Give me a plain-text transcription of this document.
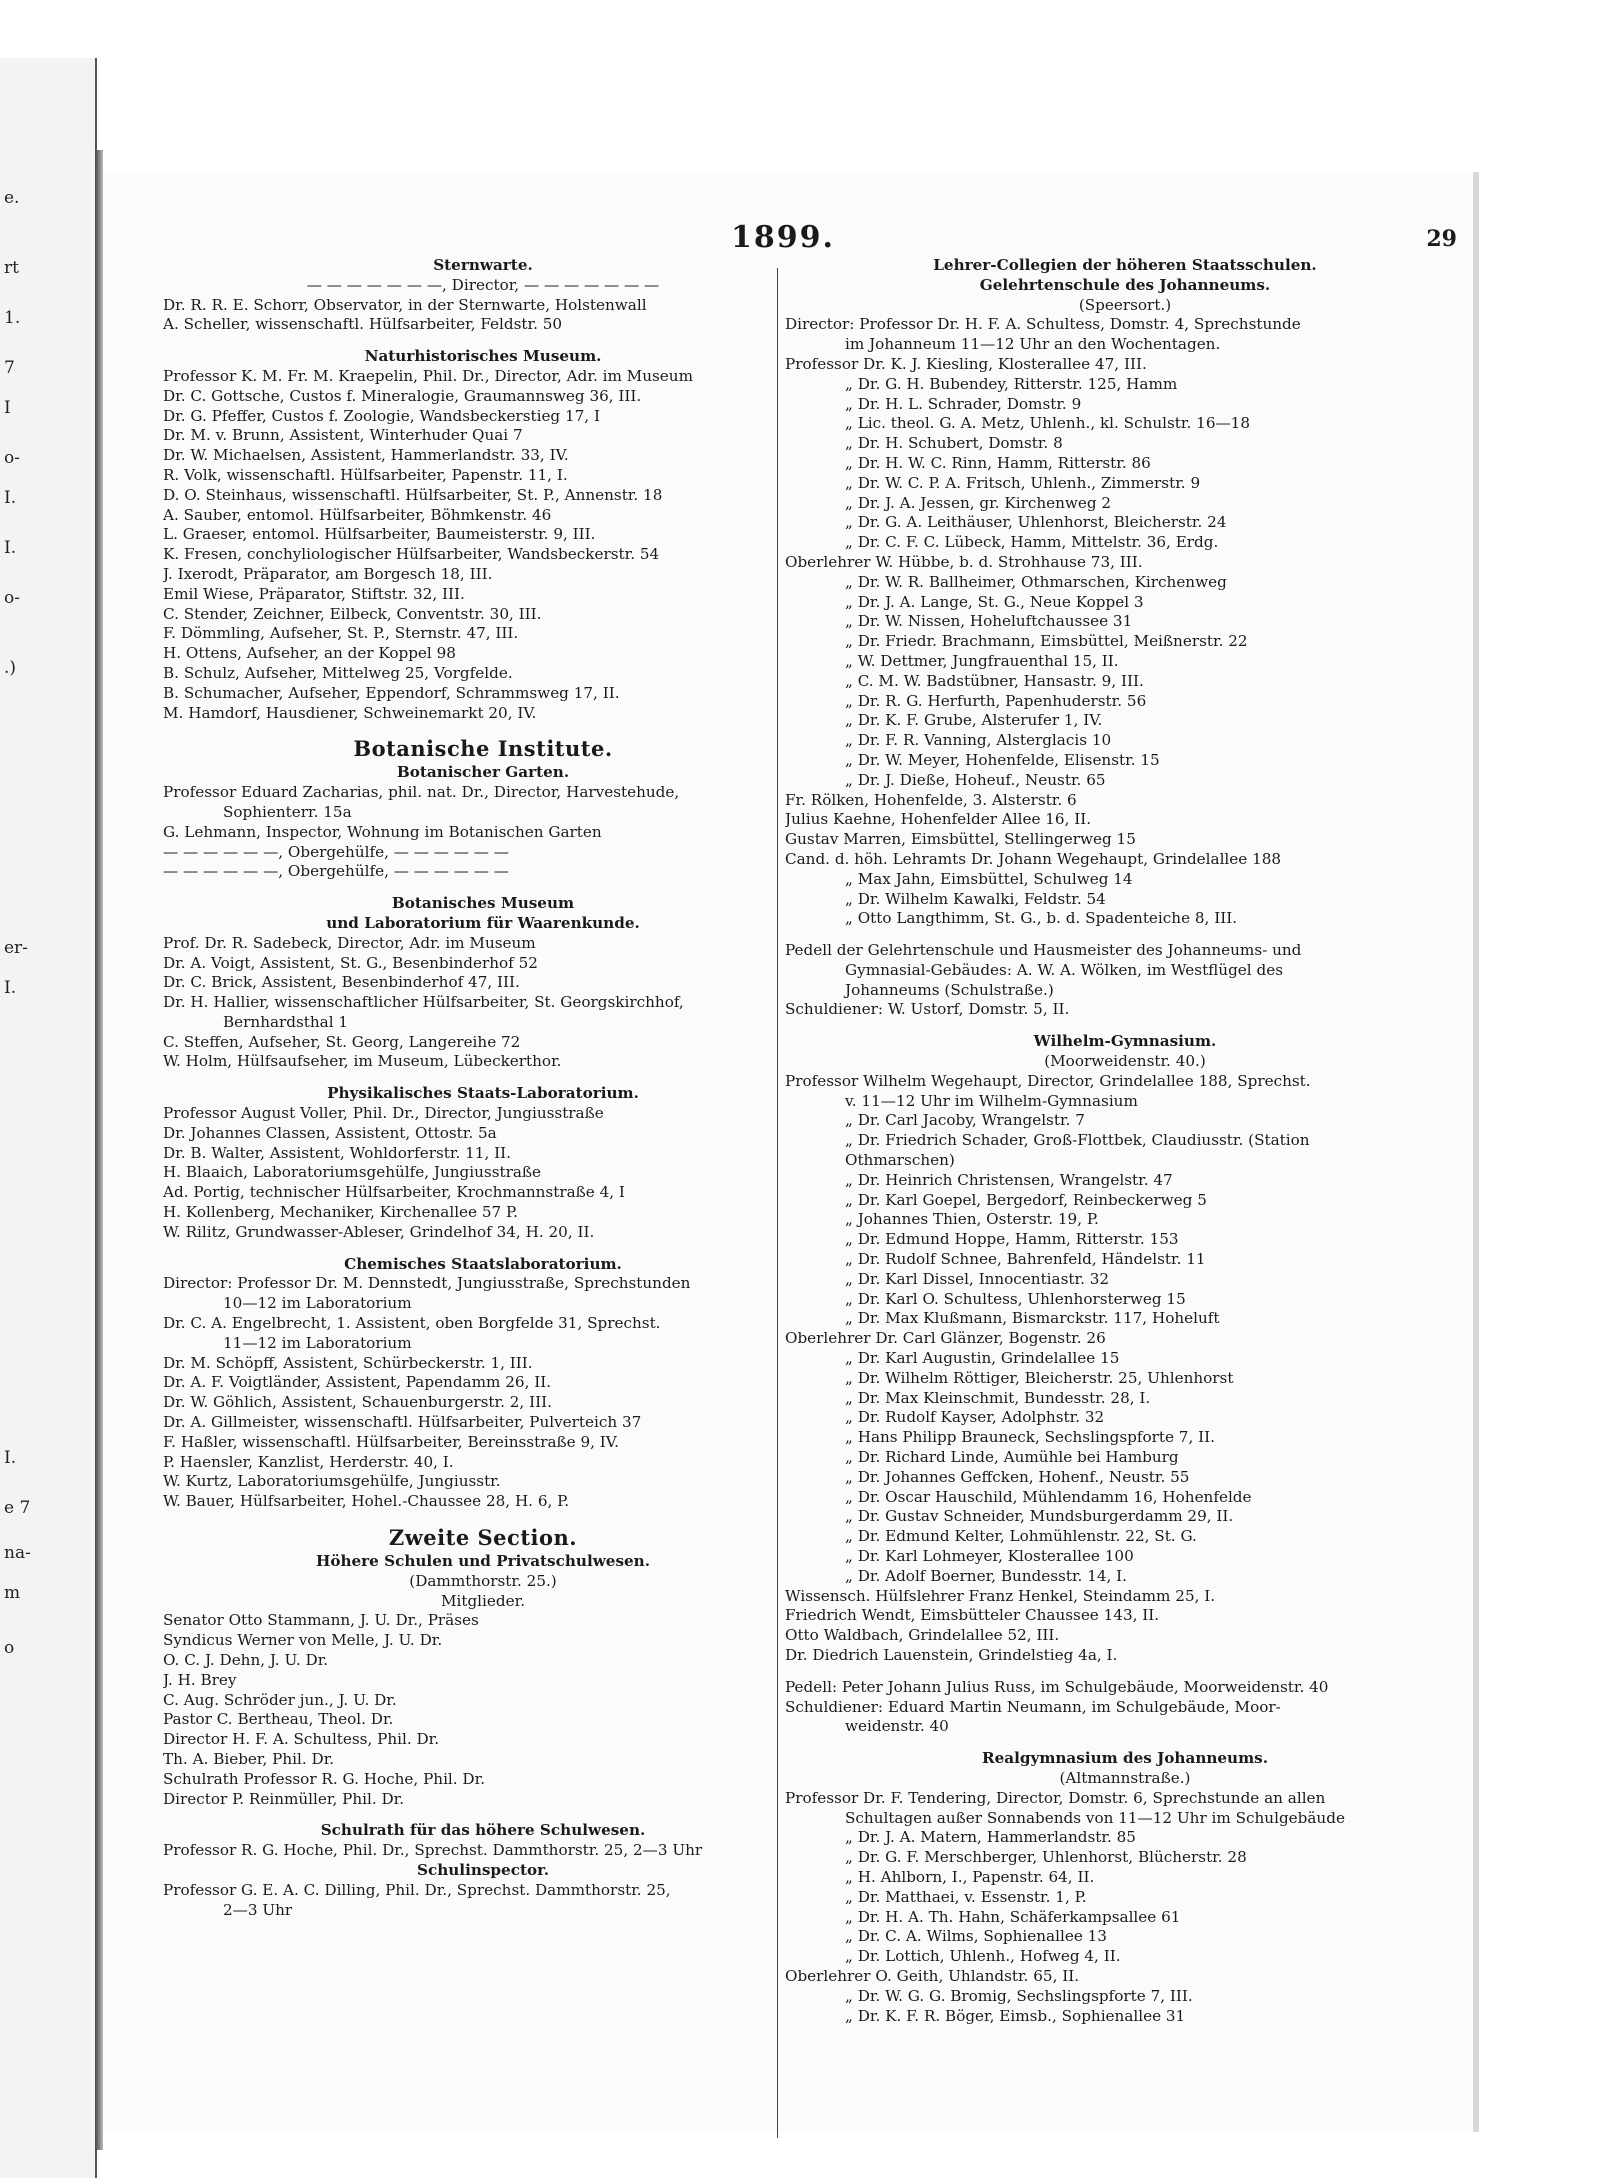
e.
rt
1.
7
I
o-
I.
I.
o-
.)
er-
I.
I.
e 7
na-
m
o
1899.	29
Sternwarte.
— — — — — — —, Director, — — — — — — —
Dr. R. R. E. Schorr, Observator, in der Sternwarte, Holstenwall
A. Scheller, wissenschaftl. Hülfsarbeiter, Feldstr. 50
Naturhistorisches Museum.
Professor K. M. Fr. M. Kraepelin, Phil. Dr., Director, Adr. im Museum
Dr. C. Gottsche, Custos f. Mineralogie, Graumannsweg 36, III.
Dr. G. Pfeffer, Custos f. Zoologie, Wandsbeckerstieg 17, I
Dr. M. v. Brunn, Assistent, Winterhuder Quai 7
Dr. W. Michaelsen, Assistent, Hammerlandstr. 33, IV.
R. Volk, wissenschaftl. Hülfsarbeiter, Papenstr. 11, I.
D. O. Steinhaus, wissenschaftl. Hülfsarbeiter, St. P., Annenstr. 18
A. Sauber, entomol. Hülfsarbeiter, Böhmkenstr. 46
L. Graeser, entomol. Hülfsarbeiter, Baumeisterstr. 9, III.
K. Fresen, conchyliologischer Hülfsarbeiter, Wandsbeckerstr. 54
J. Ixerodt, Präparator, am Borgesch 18, III.
Emil Wiese, Präparator, Stiftstr. 32, III.
C. Stender, Zeichner, Eilbeck, Conventstr. 30, III.
F. Dömmling, Aufseher, St. P., Sternstr. 47, III.
H. Ottens, Aufseher, an der Koppel 98
B. Schulz, Aufseher, Mittelweg 25, Vorgfelde.
B. Schumacher, Aufseher, Eppendorf, Schrammsweg 17, II.
M. Hamdorf, Hausdiener, Schweinemarkt 20, IV.
Botanische Institute.
Botanischer Garten.
Professor Eduard Zacharias, phil. nat. Dr., Director, Harvestehude,
Sophienterr. 15a
G. Lehmann, Inspector, Wohnung im Botanischen Garten
— — — — — —, Obergehülfe, — — — — — —
— — — — — —, Obergehülfe, — — — — — —
Botanisches Museum
und Laboratorium für Waarenkunde.
Prof. Dr. R. Sadebeck, Director, Adr. im Museum
Dr. A. Voigt, Assistent, St. G., Besenbinderhof 52
Dr. C. Brick, Assistent, Besenbinderhof 47, III.
Dr. H. Hallier, wissenschaftlicher Hülfsarbeiter, St. Georgskirchhof,
Bernhardsthal 1
C. Steffen, Aufseher, St. Georg, Langereihe 72
W. Holm, Hülfsaufseher, im Museum, Lübeckerthor.
Physikalisches Staats-Laboratorium.
Professor August Voller, Phil. Dr., Director, Jungiusstraße
Dr. Johannes Classen, Assistent, Ottostr. 5a
Dr. B. Walter, Assistent, Wohldorferstr. 11, II.
H. Blaaich, Laboratoriumsgehülfe, Jungiusstraße
Ad. Portig, technischer Hülfsarbeiter, Krochmannstraße 4, I
H. Kollenberg, Mechaniker, Kirchenallee 57 P.
W. Rilitz, Grundwasser-Ableser, Grindelhof 34, H. 20, II.
Chemisches Staatslaboratorium.
Director: Professor Dr. M. Dennstedt, Jungiusstraße, Sprechstunden
10—12 im Laboratorium
Dr. C. A. Engelbrecht, 1. Assistent, oben Borgfelde 31, Sprechst.
11—12 im Laboratorium
Dr. M. Schöpff, Assistent, Schürbeckerstr. 1, III.
Dr. A. F. Voigtländer, Assistent, Papendamm 26, II.
Dr. W. Göhlich, Assistent, Schauenburgerstr. 2, III.
Dr. A. Gillmeister, wissenschaftl. Hülfsarbeiter, Pulverteich 37
F. Haßler, wissenschaftl. Hülfsarbeiter, Bereinsstraße 9, IV.
P. Haensler, Kanzlist, Herderstr. 40, I.
W. Kurtz, Laboratoriumsgehülfe, Jungiusstr.
W. Bauer, Hülfsarbeiter, Hohel.-Chaussee 28, H. 6, P.
Zweite Section.
Höhere Schulen und Privatschulwesen.
(Dammthorstr. 25.)
Mitglieder.
Senator Otto Stammann, J. U. Dr., Präses
Syndicus Werner von Melle, J. U. Dr.
O. C. J. Dehn, J. U. Dr.
J. H. Brey
C. Aug. Schröder jun., J. U. Dr.
Pastor C. Bertheau, Theol. Dr.
Director H. F. A. Schultess, Phil. Dr.
Th. A. Bieber, Phil. Dr.
Schulrath Professor R. G. Hoche, Phil. Dr.
Director P. Reinmüller, Phil. Dr.
Schulrath für das höhere Schulwesen.
Professor R. G. Hoche, Phil. Dr., Sprechst. Dammthorstr. 25, 2—3 Uhr
Schulinspector.
Professor G. E. A. C. Dilling, Phil. Dr., Sprechst. Dammthorstr. 25,
2—3 Uhr
Lehrer-Collegien der höheren Staatsschulen.
Gelehrtenschule des Johanneums.
(Speersort.)
Director: Professor Dr. H. F. A. Schultess, Domstr. 4, Sprechstunde
im Johanneum 11—12 Uhr an den Wochentagen.
Professor Dr. K. J. Kiesling, Klosterallee 47, III.
„ Dr. G. H. Bubendey, Ritterstr. 125, Hamm
„ Dr. H. L. Schrader, Domstr. 9
„ Lic. theol. G. A. Metz, Uhlenh., kl. Schulstr. 16—18
„ Dr. H. Schubert, Domstr. 8
„ Dr. H. W. C. Rinn, Hamm, Ritterstr. 86
„ Dr. W. C. P. A. Fritsch, Uhlenh., Zimmerstr. 9
„ Dr. J. A. Jessen, gr. Kirchenweg 2
„ Dr. G. A. Leithäuser, Uhlenhorst, Bleicherstr. 24
„ Dr. C. F. C. Lübeck, Hamm, Mittelstr. 36, Erdg.
Oberlehrer W. Hübbe, b. d. Strohhause 73, III.
„ Dr. W. R. Ballheimer, Othmarschen, Kirchenweg
„ Dr. J. A. Lange, St. G., Neue Koppel 3
„ Dr. W. Nissen, Hoheluftchaussee 31
„ Dr. Friedr. Brachmann, Eimsbüttel, Meißnerstr. 22
„ W. Dettmer, Jungfrauenthal 15, II.
„ C. M. W. Badstübner, Hansastr. 9, III.
„ Dr. R. G. Herfurth, Papenhuderstr. 56
„ Dr. K. F. Grube, Alsterufer 1, IV.
„ Dr. F. R. Vanning, Alsterglacis 10
„ Dr. W. Meyer, Hohenfelde, Elisenstr. 15
„ Dr. J. Dieße, Hoheuf., Neustr. 65
Fr. Rölken, Hohenfelde, 3. Alsterstr. 6
Julius Kaehne, Hohenfelder Allee 16, II.
Gustav Marren, Eimsbüttel, Stellingerweg 15
Cand. d. höh. Lehramts Dr. Johann Wegehaupt, Grindelallee 188
„ Max Jahn, Eimsbüttel, Schulweg 14
„ Dr. Wilhelm Kawalki, Feldstr. 54
„ Otto Langthimm, St. G., b. d. Spadenteiche 8, III.
Pedell der Gelehrtenschule und Hausmeister des Johanneums- und
Gymnasial-Gebäudes: A. W. A. Wölken, im Westflügel des
Johanneums (Schulstraße.)
Schuldiener: W. Ustorf, Domstr. 5, II.
Wilhelm-Gymnasium.
(Moorweidenstr. 40.)
Professor Wilhelm Wegehaupt, Director, Grindelallee 188, Sprechst.
v. 11—12 Uhr im Wilhelm-Gymnasium
„ Dr. Carl Jacoby, Wrangelstr. 7
„ Dr. Friedrich Schader, Groß-Flottbek, Claudiusstr. (Station
Othmarschen)
„ Dr. Heinrich Christensen, Wrangelstr. 47
„ Dr. Karl Goepel, Bergedorf, Reinbeckerweg 5
„ Johannes Thien, Osterstr. 19, P.
„ Dr. Edmund Hoppe, Hamm, Ritterstr. 153
„ Dr. Rudolf Schnee, Bahrenfeld, Händelstr. 11
„ Dr. Karl Dissel, Innocentiastr. 32
„ Dr. Karl O. Schultess, Uhlenhorsterweg 15
„ Dr. Max Klußmann, Bismarckstr. 117, Hoheluft
Oberlehrer Dr. Carl Glänzer, Bogenstr. 26
„ Dr. Karl Augustin, Grindelallee 15
„ Dr. Wilhelm Röttiger, Bleicherstr. 25, Uhlenhorst
„ Dr. Max Kleinschmit, Bundesstr. 28, I.
„ Dr. Rudolf Kayser, Adolphstr. 32
„ Hans Philipp Brauneck, Sechslingspforte 7, II.
„ Dr. Richard Linde, Aumühle bei Hamburg
„ Dr. Johannes Geffcken, Hohenf., Neustr. 55
„ Dr. Oscar Hauschild, Mühlendamm 16, Hohenfelde
„ Dr. Gustav Schneider, Mundsburgerdamm 29, II.
„ Dr. Edmund Kelter, Lohmühlenstr. 22, St. G.
„ Dr. Karl Lohmeyer, Klosterallee 100
„ Dr. Adolf Boerner, Bundesstr. 14, I.
Wissensch. Hülfslehrer Franz Henkel, Steindamm 25, I.
Friedrich Wendt, Eimsbütteler Chaussee 143, II.
Otto Waldbach, Grindelallee 52, III.
Dr. Diedrich Lauenstein, Grindelstieg 4a, I.
Pedell: Peter Johann Julius Russ, im Schulgebäude, Moorweidenstr. 40
Schuldiener: Eduard Martin Neumann, im Schulgebäude, Moor-
weidenstr. 40
Realgymnasium des Johanneums.
(Altmannstraße.)
Professor Dr. F. Tendering, Director, Domstr. 6, Sprechstunde an allen
Schultagen außer Sonnabends von 11—12 Uhr im Schulgebäude
„ Dr. J. A. Matern, Hammerlandstr. 85
„ Dr. G. F. Merschberger, Uhlenhorst, Blücherstr. 28
„ H. Ahlborn, I., Papenstr. 64, II.
„ Dr. Matthaei, v. Essenstr. 1, P.
„ Dr. H. A. Th. Hahn, Schäferkampsallee 61
„ Dr. C. A. Wilms, Sophienallee 13
„ Dr. Lottich, Uhlenh., Hofweg 4, II.
Oberlehrer O. Geith, Uhlandstr. 65, II.
„ Dr. W. G. G. Bromig, Sechslingspforte 7, III.
„ Dr. K. F. R. Böger, Eimsb., Sophienallee 31
